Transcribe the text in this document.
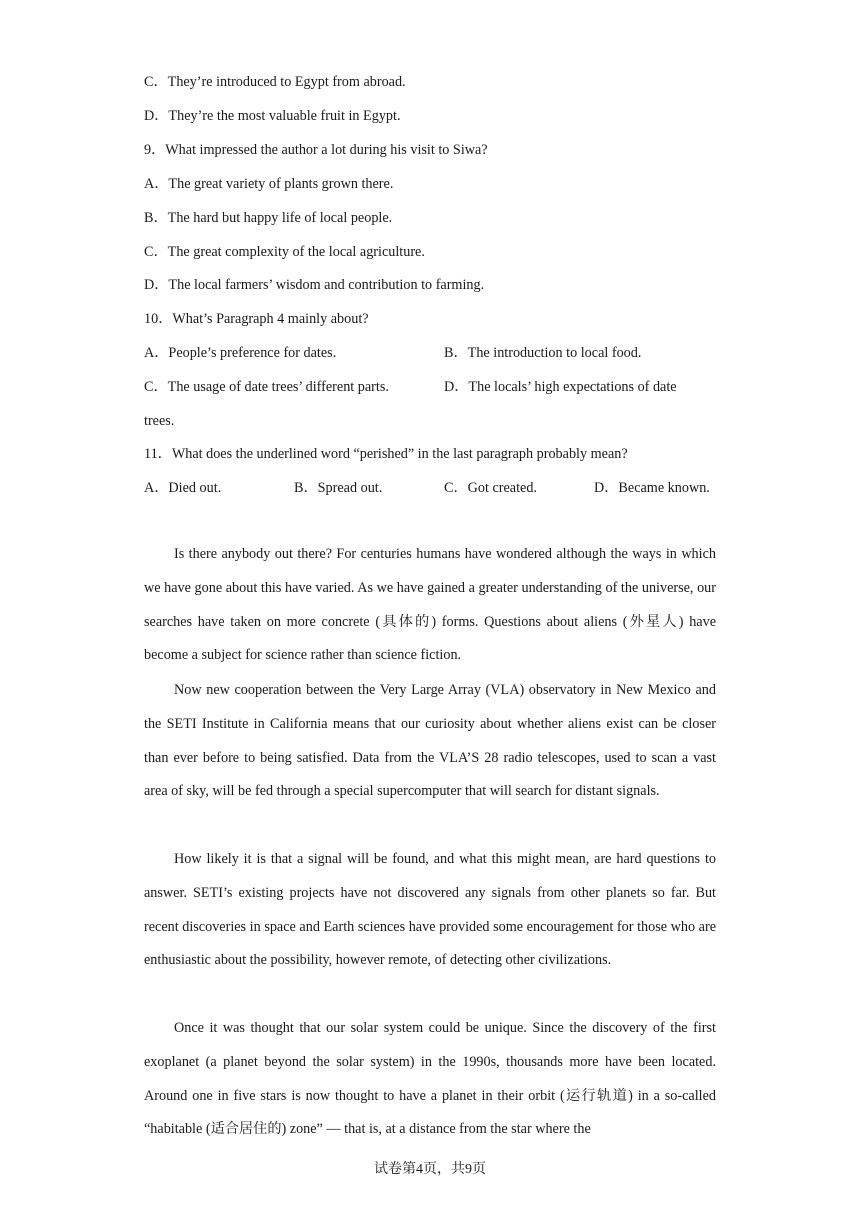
C．They’re introduced to Egypt from abroad.
D．They’re the most valuable fruit in Egypt.
9．What impressed the author a lot during his visit to Siwa?
A．The great variety of plants grown there.
B．The hard but happy life of local people.
C．The great complexity of the local agriculture.
D．The local farmers’ wisdom and contribution to farming.
10．What’s Paragraph 4 mainly about?
A．People’s preference for dates.	B．The introduction to local food.
C．The usage of date trees’ different parts.	D．The locals’ high expectations of date
trees.
11．What does the underlined word “perished” in the last paragraph probably mean?
A．Died out.	B．Spread out.	C．Got created.	D．Became known.

Is there anybody out there? For centuries humans have wondered although the ways in which we have gone about this have varied. As we have gained a greater understanding of the universe, our searches have taken on more concrete (具体的) forms. Questions about aliens (外星人) have become a subject for science rather than science fiction.

Now new cooperation between the Very Large Array (VLA) observatory in New Mexico and the SETI Institute in California means that our curiosity about whether aliens exist can be closer than ever before to being satisfied. Data from the VLA’S 28 radio telescopes, used to scan a vast area of sky, will be fed through a special supercomputer that will search for distant signals.

How likely it is that a signal will be found, and what this might mean, are hard questions to answer. SETI’s existing projects have not discovered any signals from other planets so far. But recent discoveries in space and Earth sciences have provided some encouragement for those who are enthusiastic about the possibility, however remote, of detecting other civilizations.

Once it was thought that our solar system could be unique. Since the discovery of the first exoplanet (a planet beyond the solar system) in the 1990s, thousands more have been located. Around one in five stars is now thought to have a planet in their orbit (运行轨道) in a so-called “habitable (适合居住的) zone” — that is, at a distance from the star where the

试卷第4页，共9页
